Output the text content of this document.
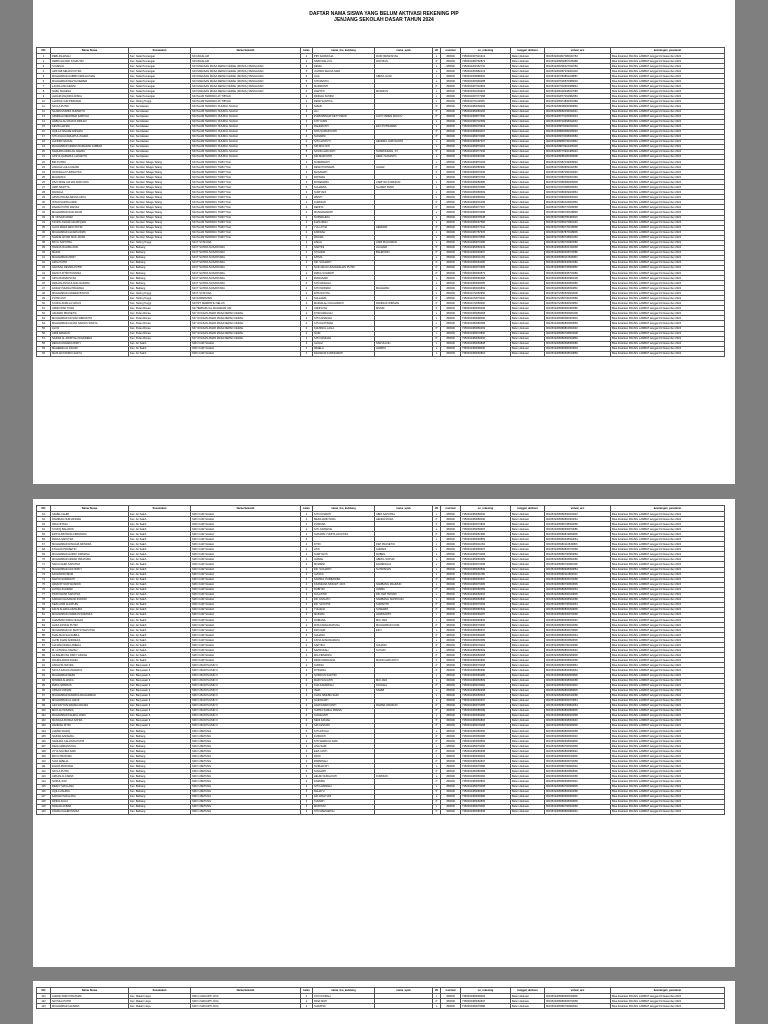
DAFTAR NAMA SISWA YANG BELUM AKTIVASI REKENING PIP
JENJANG SEKOLAH DASAR TAHUN 2024
NO	Nama Siswa	Kecamatan	Nama Sekolah	kelas	nama_ibu_kandung	nama_ayah	JK	nominal	no_rekening	tanggal_aktivasi	virtual_acc	keterangan_pencairan
1	PEBI ANJASAH	Kec. Selat Pemangan	SD ANGALAM	4	PIPI SARIDOHA	RUDI IRMANSYAH	L	450000	7350002367921613	Belum Aktivasi	9010519364847086044784	Bisa dicairkan PALING LAMBAT tanggal 31 Desember 2024
2	FEBRI ALFIANI SYAPUTRI	Kec. Selat Pemangan	SD ANGALAM	3	SAIBI WALUYA	WAYDIAN	P	450000	7350002389752873	Belum Aktivasi	9010519366802897188488	Bisa dicairkan PALING LAMBAT tanggal 31 Desember 2024
3	SYAMSUL	Kec. Selat Pemangan	SD KAWASAN MASA DEPAN CERAH (MUSOL) PENGAJIAN	3	DEWA		L	450000	7350002301962710	Belum Aktivasi	9010519361896427031560	Bisa dicairkan PALING LAMBAT tanggal 31 Desember 2024
4	ARSYAB SELVIA PUTRA	Kec. Selat Pemangan	SD KAWASAN MASA DEPAN CERAH (MUSOL) PENGAJIAN	5	JUWIDA SELVIA SARI		L	450000	7350002363982413	Belum Aktivasi	9010519364087319064404	Bisa dicairkan PALING LAMBAT tanggal 31 Desember 2024
5	MUHAMMAD HABIBI FIRDHAUSIAH	Kec. Selat Pemangan	SD KAWASAN MASA DEPAN CERAH (MUSOL) PENGAJIAN	5	ALIA	ABDUL GANI	L	450000	7350002368988602	Belum Aktivasi	9010519367084862018887	Bisa dicairkan PALING LAMBAT tanggal 31 Desember 2024
6	MUHAMMAD REVYA DEWER	Kec. Selat Pemangan	SD KAWASAN MASA DEPAN CERAH (MUSOL) PENGAJIAN	5	SITI RESTIA		L	450000	7350002360990088	Belum Aktivasi	9010519367036870989004	Bisa dicairkan PALING LAMBAT tanggal 31 Desember 2024
7	LAURA ANGGRAINI	Kec. Selat Pemangan	SD KAWASAN MASA DEPAN CERAH (MUSOL) PENGAJIAN	5	MARDIANTI		P	450000	7350002367032803	Belum Aktivasi	9010519367032803088843	Bisa dicairkan PALING LAMBAT tanggal 31 Desember 2024
8	NABIL MAHESA	Kec. Selat Pemangan	SD KAWASAN MASA DEPAN CERAH (MUSOL) PENGAJIAN	2	HARTATI	MASDIUN	L	450000	7350002361049903	Belum Aktivasi	9010519368100938017680	Bisa dicairkan PALING LAMBAT tanggal 31 Desember 2024
9	ALDAM MAQDIKA RISKA	Kec. Selat Pemangan	SD ISLAM TERPADU AT-TIBYAN	2	RINDAH SUMINI		L	450000	7350002367077068	Belum Aktivasi	9010519362877062082684	Bisa dicairkan PALING LAMBAT tanggal 31 Desember 2024
10	ALDRICH ADI PRATAMA	Kec. Tebing Tinggi	SD ISLAM TERPADU AT-TIBYAN	3	DEWI SANTIKA		L	450000	7350002371113905	Belum Aktivasi	9010519368374866060489	Bisa dicairkan PALING LAMBAT tanggal 31 Desember 2024
11	NAYLA PUTRI	Kec. Semitawan	SD ISLAM TERPADU NUURUL NAJAH	3	NIZAR		P	450000	7350002380000009	Belum Aktivasi	9010519368008060080860	Bisa dicairkan PALING LAMBAT tanggal 31 Desember 2024
12	NAJWA MUMINI NUMANTO	Kec. Semitawan	SD ISLAM TERPADU NUURUL NAJAH	3	LILI		P	450000	7350002380083160	Belum Aktivasi	9010519368082036032641	Bisa dicairkan PALING LAMBAT tanggal 31 Desember 2024
13	AZMIRAH MEIRISMA SABIYAH	Kec. Semitawan	SD ISLAM TERPADU NUURUL NAJAH	3	PURNAMSARI SETYOWATI	AHYO INDEN WAHYU	P	450000	7350002380877060	Belum Aktivasi	9010519368771006064043	Bisa dicairkan PALING LAMBAT tanggal 31 Desember 2024
14	HABIULLAH WIJAYA RIDLAN	Kec. Semitawan	SD ISLAM TERPADU NUURUL NAJAH	3	SITI YASIN		L	450000	7350002380702689	Belum Aktivasi	9010519368702668032043	Bisa dicairkan PALING LAMBAT tanggal 31 Desember 2024
15	KEVIN HAFIZA	Kec. Semitawan	SD ISLAM TERPADU NUURUL NAJAH	3	RAHMAYATI	EKO PUTRAWEK	L	450000	7350002380079602	Belum Aktivasi	9010519368870090030404	Bisa dicairkan PALING LAMBAT tanggal 31 Desember 2024
16	AQILLA ISNADE ANISAFA	Kec. Semitawan	SD ISLAM TERPADU NUURUL NAJAH	3	NITA SUMARYANTI		P	450000	7350002380893007	Belum Aktivasi	9010519368893086008040	Bisa dicairkan PALING LAMBAT tanggal 31 Desember 2024
17	SITI AULIA FARHATUL ZAHRA	Kec. Semitawan	SD ISLAM TERPADU NUURUL NAJAH	4	SUNARNI		P	450000	7350002380070086	Belum Aktivasi	9010519368070068000684	Bisa dicairkan PALING LAMBAT tanggal 31 Desember 2024
18	ALFINDI NAUFAL	Kec. Semitawan	SD ISLAM TERPADU NUURUL NAJAH	4	SITI HASTUTI	HENDRA JUMI SANTO	L	450000	7350002380087307	Belum Aktivasi	9010519368868736040842	Bisa dicairkan PALING LAMBAT tanggal 31 Desember 2024
19	MUHAMMAD ARMAN RAMADAN JABBAR	Kec. Semitawan	SD ISLAM TERPADU NUURUL NAJAH	5	SRI MULYATI		L	450000	7350002380879064	Belum Aktivasi	9010519368870964008403	Bisa dicairkan PALING LAMBAT tanggal 31 Desember 2024
20	NADHIRA ADZILAH NAHRA	Kec. Semitawan	SD ISLAM TERPADU NUURUL NAJAH	5	NOOR HARYANTI	NURROHMAN, ST	P	450000	7350002380077090	Belum Aktivasi	9010519368770900486043	Bisa dicairkan PALING LAMBAT tanggal 31 Desember 2024
21	AKSYA QAMARUL HASANTO	Kec. Semitawan	SD ISLAM TERPADU NUURUL NAJAH	5	SRI MARYANTI	HERU SUSANTO	L	450000	7350002380083180	Belum Aktivasi	9010519368088180006808	Bisa dicairkan PALING LAMBAT tanggal 31 Desember 2024
22	BRI PUTRA	Kec. Sumber Sibagu Telang	SD ISLAM TERPADU TILBIYYAH	3	NURMAWATI		L	450000	7350002380870409	Belum Aktivasi	9010519370387049008040	Bisa dicairkan PALING LAMBAT tanggal 31 Desember 2024
23	ANGGIA LAILA UMAMI	Kec. Sumber Sibagu Telang	SD ISLAM TERPADU TILBIYYAH	3	DEWI PURNAMA	JAHAR	P	450000	7350002380080990	Belum Aktivasi	9010519370380809042080	Bisa dicairkan PALING LAMBAT tanggal 31 Desember 2024
24	NATASHA AYUMISHYIFA	Kec. Sumber Sibagu Telang	SD ISLAM TERPADU TILBIYYAH	3	MASAMATI		P	450000	7350002380870066	Belum Aktivasi	9010519370387060040640	Bisa dicairkan PALING LAMBAT tanggal 31 Desember 2024
25	MAHADIKA	Kec. Sumber Sibagu Telang	SD ISLAM TERPADU TILBIYYAH	3	PATIMAH		L	450000	7350002380870784	Belum Aktivasi	9010519370380784000469	Bisa dicairkan PALING LAMBAT tanggal 31 Desember 2024
26	DIVO MIKE ALFIAN ANRIYANS	Kec. Sumber Sibagu Telang	SD ISLAM TERPADU TILBIYYAH	3	ROSEMARA	ANRIYAN KURNIASI	L	450000	7350002380080680	Belum Aktivasi	9010519370380680006809	Bisa dicairkan PALING LAMBAT tanggal 31 Desember 2024
27	ARIP NASITYA	Kec. Sumber Sibagu Telang	SD ISLAM TERPADU TILBIYYAH	3	SUHAENA	SLAMET RIADI	L	450000	7350002380070086	Belum Aktivasi	9010519370370086008060	Bisa dicairkan PALING LAMBAT tanggal 31 Desember 2024
28	RANGGA	Kec. Sumber Sibagu Telang	SD ISLAM TERPADU TILBIYYAH	3	SURIYANI		L	450000	7350002380080609	Belum Aktivasi	9010519370380609000864	Bisa dicairkan PALING LAMBAT tanggal 31 Desember 2024
29	ADVIA PRASA ARUNA ARYA	Kec. Sumber Sibagu Telang	SD ISLAM TERPADU TILBIYYAH	3	WENTI		L	450000	7350002380080066	Belum Aktivasi	9010519370380066008430	Bisa dicairkan PALING LAMBAT tanggal 31 Desember 2024
30	INTAN SAFIRA AMIR	Kec. Sumber Sibagu Telang	SD ISLAM TERPADU TILBIYYAH	2	KURNIATI		P	450000	7350002380016495	Belum Aktivasi	9010519370380164004860	Bisa dicairkan PALING LAMBAT tanggal 31 Desember 2024
31	ZAHRA PUTRI RAFIKA	Kec. Sumber Sibagu Telang	SD ISLAM TERPADU TILBIYYAH	2	RENITA		P	450000	7350002380077067	Belum Aktivasi	9010519370380770008068	Bisa dicairkan PALING LAMBAT tanggal 31 Desember 2024
32	MUHAMMAD NUR ADAM	Kec. Sumber Sibagu Telang	SD ISLAM TERPADU TILBIYYAH	2	MASDAMAWATI		L	450000	7350002380079068	Belum Aktivasi	9010519370380790648848	Bisa dicairkan PALING LAMBAT tanggal 31 Desember 2024
33	M. NOVAR ADAM	Kec. Sumber Sibagu Telang	SD ISLAM TERPADU TILBIYYAH	2	NURWAHIDA		L	450000	7350002380078048	Belum Aktivasi	9010519370380780480016	Bisa dicairkan PALING LAMBAT tanggal 31 Desember 2024
34	TAUFIK ASHAR AR-RIFQIAH	Kec. Sumber Sibagu Telang	SD ISLAM TERPADU TILBIYYAH	2	KHOLIMAH		L	450000	7350002380007686	Belum Aktivasi	9010519370380076864040	Bisa dicairkan PALING LAMBAT tanggal 31 Desember 2024
35	ALIYA MARA DEVI PUTRI	Kec. Sumber Sibagu Telang	SD ISLAM TERPADU TILBIYYAH	2	YULI AYNA	HERMAN	P	450000	7350002380077016	Belum Aktivasi	9010519370380770168068	Bisa dicairkan PALING LAMBAT tanggal 31 Desember 2024
36	MUHAMMAD ALFARIA RIZKI	Kec. Sumber Sibagu Telang	SD ISLAM TERPADU TILBIYYAH	2	FARIDAH		L	450000	7350002380787605	Belum Aktivasi	9010519370387876048806	Bisa dicairkan PALING LAMBAT tanggal 31 Desember 2024
37	SHAFIE AFTAR MAS JAYAN	Kec. Sumber Sibagu Telang	SD ISLAM TERPADU TILBIYYAH	2	PAHIRA		L	450000	7350002380070890	Belum Aktivasi	9010519370380708900460	Bisa dicairkan PALING LAMBAT tanggal 31 Desember 2024
38	BAYU SAPUTRA	Kec. Tebing Tinggi	SD IT SYAFUNA	2	ASIAH	ANDI MULIAWAN	L	450000	7350002380070086	Belum Aktivasi	9010519372380700860680	Bisa dicairkan PALING LAMBAT tanggal 31 Desember 2024
39	NADIAS RAHMA ZAIN	Kec. Belitang	SD IT SATRIA NUSANTARA	2	SARTINI	JAUHARI	P	450000	7350002380050643	Belum Aktivasi	9010519368380506430068	Bisa dicairkan PALING LAMBAT tanggal 31 Desember 2024
40	MADIA	Kec. Belitang	SD IT SATRIA NUSANTARA	2	SYAHRIA	BAHRUDIN	P	450000	7350002380060897	Belum Aktivasi	9010519368380608970086	Bisa dicairkan PALING LAMBAT tanggal 31 Desember 2024
41	MUHAMMAD ZIKRY	Kec. Belitang	SD IT SATRIA NUSANTARA	2	FATMA		L	450000	7350002380011069	Belum Aktivasi	9010519368380110690863	Bisa dicairkan PALING LAMBAT tanggal 31 Desember 2024
42	AZKA PUTRI	Kec. Belitang	SD IT SATRIA NUSANTARA	2	DR. SUGIARTI		P	450000	7350002380063080	Belum Aktivasi	9010519368380630800680	Bisa dicairkan PALING LAMBAT tanggal 31 Desember 2024
43	NAFISAH DEVIRA PUTRI	Kec. Belitang	SD IT SATRIA NUSANTARA	2	NUR AZIAH HUMAIDAHAN PUTRI		P	450000	7350002380079689	Belum Aktivasi	9010519368380796890866	Bisa dicairkan PALING LAMBAT tanggal 31 Desember 2024
44	RAISYA FITROTUNNISA	Kec. Belitang	SD IT SATRIA NUSANTARA	2	RIZKA SUHRIATI		P	450000	7350002380060879	Belum Aktivasi	9010519368380608790089	Bisa dicairkan PALING LAMBAT tanggal 31 Desember 2024
45	ARYA RADIANSYAH	Kec. Belitang	SD IT SATRIA NUSANTARA	2	RIANASARI		L	450000	7350002380080698	Belum Aktivasi	9010519368380806980008	Bisa dicairkan PALING LAMBAT tanggal 31 Desember 2024
46	RIDHAN ANSAULANG NAZARA	Kec. Belitang	SD IT SATRIA NUSANTARA	2	SITI MASLIHA		L	450000	7350002380069085	Belum Aktivasi	9010519368380690850680	Bisa dicairkan PALING LAMBAT tanggal 31 Desember 2024
47	FAIFAZ ISKANA PRADANA	Kec. Belitang	SD IT SATRIA NUSANTARA	2	SITI INDRIANI	MUHAMAD	L	450000	7350002380006809	Belum Aktivasi	9010519368380068090860	Bisa dicairkan PALING LAMBAT tanggal 31 Desember 2024
48	MUHAMMAD ALMEER BINOVA	Kec. Tebing Tinggi	SD IT SYAFUNA	2	RITA NOVITA		L	450000	7350002372060950	Belum Aktivasi	9010519372380609500608	Bisa dicairkan PALING LAMBAT tanggal 31 Desember 2024
49	PUTRI ASIY	Kec. Tebing Tinggi	SD NORMINISIN	2	SULAHMA		P	450000	7350002372079026	Belum Aktivasi	9010519372380790260089	Bisa dicairkan PALING LAMBAT tanggal 31 Desember 2024
50	SYAFIA AFRILLA NASYA	Kec. Tebing Tinggi	SD PPT MEMPATIH SELATI	2	MARHILAH SULAHMANY	DANIRAS WINMAN	P	450000	7350002372069060	Belum Aktivasi	9010519372380690600860	Bisa dicairkan PALING LAMBAT tanggal 31 Desember 2024
51	ARDIZ RIMI TIVAH	Kec. Pulau Rimau	SD TERPADU AL MUHARAM ILM	2	ANNISYAH	MUNIR	P	450000	7350002380059008	Belum Aktivasi	9010519368380590080689	Bisa dicairkan PALING LAMBAT tanggal 31 Desember 2024
52	AKHMAD PRASETIA	Kec. Pulau Rimau	SD YAYASAN AMAR MASA DEPAN CERAH	2	FITRI AWALIAH		L	450000	7350002380059068	Belum Aktivasi	9010519368380590680408	Bisa dicairkan PALING LAMBAT tanggal 31 Desember 2024
53	MUHAMMAD FATHAN ABRIANTO	Kec. Pulau Rimau	SD YAYASAN AMAR MASA DEPAN CERAH	2	SITI HASANAH		L	450000	7350002380068090	Belum Aktivasi	9010519368380680900804	Bisa dicairkan PALING LAMBAT tanggal 31 Desember 2024
54	MUHAMMAD ALFIAN SANGIS SINAYA	Kec. Pulau Rimau	SD YAYASAN AMAR MASA DEPAN CERAH	2	SITI KHOTIMAH		L	450000	7350002380080089	Belum Aktivasi	9010519368380800890869	Bisa dicairkan PALING LAMBAT tanggal 31 Desember 2024
55	ALIYA	Kec. Pulau Rimau	SD YAYASAN AMAR MASA DEPAN CERAH	2	KHUSNUL LAILA		P	450000	7350002380080469	Belum Aktivasi	9010519368380804690640	Bisa dicairkan PALING LAMBAT tanggal 31 Desember 2024
56	ARDI ARMAAN	Kec. Pulau Rimau	SD YAYASAN AMAR MASA DEPAN CERAH	2	NURI		L	450000	7350002380070890	Belum Aktivasi	9010519368380708900608	Bisa dicairkan PALING LAMBAT tanggal 31 Desember 2024
57	NAZWA AL-FIKRIYAH NAVADERA	Kec. Pulau Rimau	SD YAYASAN AMAR MASA DEPAN CERAH	2	SITI NASIHAH		P	450000	7350002380069060	Belum Aktivasi	9010519368380690600860	Bisa dicairkan PALING LAMBAT tanggal 31 Desember 2024
58	REFAN ANNADIA RIZKY	Kec. Air Saleh	SDN 3 AIR SALEH	3	ALUAH	SAIFULLOH	L	450000	7350002380069808	Belum Aktivasi	9010519368380698080680	Bisa dicairkan PALING LAMBAT tanggal 31 Desember 2024
59	MAHEERA AL FIKHRI	Kec. Air Saleh	SDN 3 AIR SALEH	4	IWAELA	HARRIS	L	450000	7350002380068090	Belum Aktivasi	9010519368380680900804	Bisa dicairkan PALING LAMBAT tanggal 31 Desember 2024
60	MAIS ADJI RIZKA SAKYA	Kec. Air Saleh	SDN 3 AIR SALEH	4	RAGWANI KURNIAWATI		L	450000	7350002380060864	Belum Aktivasi	9010519368380608640869	Bisa dicairkan PALING LAMBAT tanggal 31 Desember 2024
NO	Nama Siswa	Kecamatan	Nama Sekolah	kelas	nama_ibu_kandung	nama_ayah	JK	nominal	no_rekening	tanggal_aktivasi	virtual_acc	keterangan_pencairan
61	SAMEL FAHRI	Kec. Air Saleh	SDN 3 AIR SALEH	4	SITI KUSWATI	ABDI SAPUTRA	L	450000	7350002380069060	Belum Aktivasi	9010519368380690600640	Bisa dicairkan PALING LAMBAT tanggal 31 Desember 2024
62	DAMIRAH NURJAFRIAH	Kec. Air Saleh	SDN 3 AIR SALEH	4	MEDA AMIN NING	HENDA MUDA	P	450000	7350002380080090	Belum Aktivasi	9010519368380800900064	Bisa dicairkan PALING LAMBAT tanggal 31 Desember 2024
63	RIKA NITASA	Kec. Air Saleh	SDN 3 AIR SALEH	4	PUSKINA		P	450000	7350002380070809	Belum Aktivasi	9010519368380708090068	Bisa dicairkan PALING LAMBAT tanggal 31 Desember 2024
64	SYAFIQ BAHADIN	Kec. Air Saleh	SDN 3 AIR SALEH	4	SITI JUMAROH		L	450000	7350002380059087	Belum Aktivasi	9010519368380590870686	Bisa dicairkan PALING LAMBAT tanggal 31 Desember 2024
65	ERSYA BINTANG FIRMANDA	Kec. Air Saleh	SDN 3 AIR SALEH	4	SUKARSI YUNITA HAYATIKA		P	450000	7350002380081986	Belum Aktivasi	9010519368380819860806	Bisa dicairkan PALING LAMBAT tanggal 31 Desember 2024
66	RAFAA SAPUTRA	Kec. Air Saleh	SDN 3 AIR SALEH	4			L	450000	7350002380060869	Belum Aktivasi	9010519368380608690064	Bisa dicairkan PALING LAMBAT tanggal 31 Desember 2024
67	MUHAMMAD DINGGIZ ARINDRA	Kec. Air Saleh	SDN 3 AIR SALEH	4	FITRI	DWI PRASETIO	L	450000	7350002380011084	Belum Aktivasi	9010519368380110840806	Bisa dicairkan PALING LAMBAT tanggal 31 Desember 2024
68	KOLHAN PRASETIO	Kec. Air Saleh	SDN 3 AIR SALEH	4	ASTI	AHMANI	L	450000	7350002380080607	Belum Aktivasi	9010519368380806070068	Bisa dicairkan PALING LAMBAT tanggal 31 Desember 2024
69	MUHAMMAD HARDY FIRMANA	Kec. Air Saleh	SDN 3 AIR SALEH	4	SURIYANTI	RUBEN	L	450000	7350002380079068	Belum Aktivasi	9010519368380790680869	Bisa dicairkan PALING LAMBAT tanggal 31 Desember 2024
70	MUHAMMAD ARDAN PRIATAMA	Kec. Air Saleh	SDN 3 AIR SALEH	4	JARIAH	ABDUL SOPUR	L	450000	7350002380060689	Belum Aktivasi	9010519368380606890086	Bisa dicairkan PALING LAMBAT tanggal 31 Desember 2024
71	SAKA FAHRI SAPUTRA	Kec. Air Saleh	SDN 3 AIR SALEH	4	MUWENI	DAMENGGA	L	450000	7350002380079068	Belum Aktivasi	9010519368380790680406	Bisa dicairkan PALING LAMBAT tanggal 31 Desember 2024
72	MUHAMMAD ALIF RIZKY	Kec. Air Saleh	SDN 3 AIR SALEH	4	DR. SUGIARTI	SUTRISNAN	L	450000	7350002380060809	Belum Aktivasi	9010519368380608090864	Bisa dicairkan PALING LAMBAT tanggal 31 Desember 2024
73	FAUZANIRI IMAM	Kec. Air Saleh	SDN 3 AIR SALEH	4	ALTAKA		L	450000	7350002380011086	Belum Aktivasi	9010519368380110860640	Bisa dicairkan PALING LAMBAT tanggal 31 Desember 2024
74	NADYA SURMANTI	Kec. Air Saleh	SDN 3 AIR SALEH	4	SAMSUL PURBANIBA		P	450000	7350002380060697	Belum Aktivasi	9010519368380606970068	Bisa dicairkan PALING LAMBAT tanggal 31 Desember 2024
75	HIDAYAT NUR WASIDIN	Kec. Air Saleh	SDN 3 AIR SALEH	4	KASMIANA NINGSIT JAYA	SAMBANG MAHMUD	L	450000	7350002380079086	Belum Aktivasi	9010519368380790860806	Bisa dicairkan PALING LAMBAT tanggal 31 Desember 2024
76	AHYDA ZAHRANI	Kec. Air Saleh	SDN 3 AIR SALEH	4	RUBIYAT	JUMBA	P	450000	7350002380080089	Belum Aktivasi	9010519368380800890064	Bisa dicairkan PALING LAMBAT tanggal 31 Desember 2024
77	FIKRI DEVID SAPUTRA	Kec. Air Saleh	SDN 3 AIR SALEH	4	SULASTRI	DR. DWI TRISNO	L	450000	7350002380069064	Belum Aktivasi	9010519368380690640806	Bisa dicairkan PALING LAMBAT tanggal 31 Desember 2024
78	FARHAN HASANUR ZUFIKRI	Kec. Air Saleh	SDN 3 AIR SALEH	4	DR. FAZLATU	SAMBANG SUPRIYADI	L	450000	7350002380060890	Belum Aktivasi	9010519368380608900068	Bisa dicairkan PALING LAMBAT tanggal 31 Desember 2024
79	KEZA ANIS ALFATHIN	Kec. Air Saleh	SDN 3 AIR SALEH	4	DR. SATUTMI	SUMANTO	P	450000	7350002380079069	Belum Aktivasi	9010519368380790690064	Bisa dicairkan PALING LAMBAT tanggal 31 Desember 2024
80	FALIS ALAZKA AZZAHRA	Kec. Air Saleh	SDN 3 AIR SALEH	4	YULIANA	SUWARDI	P	450000	7350002380080609	Belum Aktivasi	9010519368380806090806	Bisa dicairkan PALING LAMBAT tanggal 31 Desember 2024
81	MUHAMMAD ANDRIAN WIRASKA	Kec. Air Saleh	SDN 3 AIR SALEH	4	MARIAM	HARDIANTO	L	450000	7350002380069087	Belum Aktivasi	9010519368380690870068	Bisa dicairkan PALING LAMBAT tanggal 31 Desember 2024
82	KHAZIMAN PADA NUGAH	Kec. Air Saleh	SDN 3 AIR SALEH	4	RUBIANA	MUI JADI	L	450000	7350002380060806	Belum Aktivasi	9010519368380608060640	Bisa dicairkan PALING LAMBAT tanggal 31 Desember 2024
83	ALIKA ZASKIA PUTRI	Kec. Air Saleh	SDN 3 AIR SALEH	4	RITA FADHLIDATUNA	MUHAMMAD KOIRI	P	450000	7350002380079060	Belum Aktivasi	9010519368380790600068	Bisa dicairkan PALING LAMBAT tanggal 31 Desember 2024
84	MUHAMMAD ALI ZEIN SYAHPUTRA	Kec. Air Saleh	SDN 3 AIR SALEH	4	DR FIQRI	EKO	L	450000	7350002380080697	Belum Aktivasi	9010519368380806970806	Bisa dicairkan PALING LAMBAT tanggal 31 Desember 2024
85	KHALISAH SALSABILA	Kec. Air Saleh	SDN 3 AIR SALEH	4	SUHANA		P	450000	7350002380069080	Belum Aktivasi	9010519368380690800064	Bisa dicairkan PALING LAMBAT tanggal 31 Desember 2024
86	ALVIN KHAN ANDREAS	Kec. Air Saleh	SDN 3 AIR SALEH	4	KATIA ANSANGRIANI		L	450000	7350002380060689	Belum Aktivasi	9010519368380606890806	Bisa dicairkan PALING LAMBAT tanggal 31 Desember 2024
87	ALFIANA RIZKA AMELIA	Kec. Air Saleh	SDN 3 AIR SALEH	4	SAPTIKA	SUHAIDI	P	450000	7350002380079064	Belum Aktivasi	9010519368380790640068	Bisa dicairkan PALING LAMBAT tanggal 31 Desember 2024
88	M. LATHIFUL FAIZAH	Kec. Air Saleh	SDN 3 AIR SALEH	4	SAPRUDAH	SUYADI	L	450000	7350002380080609	Belum Aktivasi	9010519368380806090640	Bisa dicairkan PALING LAMBAT tanggal 31 Desember 2024
89	AL-BAHRIYAH RISFY AFIZAH	Kec. Air Saleh	SDN 3 AIR SALEH	4	MIA FIRMANSI		P	450000	7350002380069068	Belum Aktivasi	9010519368380690680806	Bisa dicairkan PALING LAMBAT tanggal 31 Desember 2024
90	NAURA ADRIA DANIA	Kec. Air Saleh	SDN 3 AIR SALEH	4	DEWI MARDIANA	MAJID HARYANTO	P	450000	7350002380060890	Belum Aktivasi	9010519368380608900068	Bisa dicairkan PALING LAMBAT tanggal 31 Desember 2024
91	ANGGITA INAYRA	Kec. Banyuasin II	SDN 1 BANYUASIN II	2	SURNIA		P	450000	7350002380079068	Belum Aktivasi	9010519368380790680864	Bisa dicairkan PALING LAMBAT tanggal 31 Desember 2024
92	NAYLA AZALIA ZAKHRYA	Kec. Banyuasin II	SDN 1 BANYUASIN II	2	FITRIANA		P	450000	7350002380080690	Belum Aktivasi	9010519368380806900064	Bisa dicairkan PALING LAMBAT tanggal 31 Desember 2024
93	MUHAMMAD REPA	Kec. Banyuasin II	SDN 1 BANYUASIN II	2	NURIKUN SAFITRI		L	450000	7350002380069086	Belum Aktivasi	9010519368380690860806	Bisa dicairkan PALING LAMBAT tanggal 31 Desember 2024
94	MINDRA ALIANKA	Kec. Banyuasin II	SDN 1 BANYUASIN II	2	MARI SULIANTI	MUI JADI	L	450000	7350002380060809	Belum Aktivasi	9010519368380608090068	Bisa dicairkan PALING LAMBAT tanggal 31 Desember 2024
95	RIZKA SPINDAS	Kec. Banyuasin II	SDN 1 BANYUASIN II	2	KHA KAMARIAH	SYAHALL	P	450000	7350002380079060	Belum Aktivasi	9010519368380790600640	Bisa dicairkan PALING LAMBAT tanggal 31 Desember 2024
96	ARSAH FIZNAM	Kec. Banyuasin II	SDN 1 BANYUASIN II	2	ISMA	SAMRI	L	450000	7350002380080698	Belum Aktivasi	9010519368380806980806	Bisa dicairkan PALING LAMBAT tanggal 31 Desember 2024
97	MUHAMMAD DWARKA MUHAMMAD	Kec. Banyuasin II	SDN 1 BANYUASIN II	2	KHAS NIMUBA SARI		L	450000	7350002380069064	Belum Aktivasi	9010519368380690640068	Bisa dicairkan PALING LAMBAT tanggal 31 Desember 2024
98	MUHAMMAD AL HAFIZ	Kec. Banyuasin II	SDN 1 BANYUASIN II	2	NURJANATI		L	450000	7350002380060697	Belum Aktivasi	9010519368380606970864	Bisa dicairkan PALING LAMBAT tanggal 31 Desember 2024
99	AZA RAYYAN RAHMA ADANIA	Kec. Banyuasin II	SDN 1 BANYUASIN II	2	HAMI FARDIYANTI	DAMAR ZAMZANI	P	450000	7350002380079086	Belum Aktivasi	9010519368380790860064	Bisa dicairkan PALING LAMBAT tanggal 31 Desember 2024
100	MAYLAH NISANIA	Kec. Banyuasin II	SDN 1 BANYUASIN II	2	SUPRA SAMAL FRENS		P	450000	7350002380080089	Belum Aktivasi	9010519368380800890806	Bisa dicairkan PALING LAMBAT tanggal 31 Desember 2024
101	MUHAMMAD FAHRUL RIZKI	Kec. Banyuasin II	SDN 1 BANYUASIN II	2	SUGIHANTI		L	450000	7350002380069060	Belum Aktivasi	9010519368380690600068	Bisa dicairkan PALING LAMBAT tanggal 31 Desember 2024
102	MANGGA BUNGA SATRA	Kec. Banyuasin II	SDN 1 BANYUASIN II	2	NENI ZAKIAH		P	450000	7350002380060806	Belum Aktivasi	9010519368380608060640	Bisa dicairkan PALING LAMBAT tanggal 31 Desember 2024
103	HANIFAH FITRI	Kec. Banyuasin II	SDN 1 BANYUASIN II	2	SRI LESTARI		P	450000	7350002380079068	Belum Aktivasi	9010519368380790680806	Bisa dicairkan PALING LAMBAT tanggal 31 Desember 2024
104	AHMAD RAFIQ	Kec. Belitang	SDN 1 BETUNG	3	SITI AISYAH		L	450000	7350002380080690	Belum Aktivasi	9010519368380806900068	Bisa dicairkan PALING LAMBAT tanggal 31 Desember 2024
105	NAZWA AZZAHRA	Kec. Belitang	SDN 1 BETUNG	3	KUSNIATI		P	450000	7350002380069086	Belum Aktivasi	9010519368380690860640	Bisa dicairkan PALING LAMBAT tanggal 31 Desember 2024
106	NADHIFA CALLISTA PUTRI	Kec. Belitang	SDN 1 BETUNG	3	SITI WARDAH SARI		P	450000	7350002380060809	Belum Aktivasi	9010519368380608090806	Bisa dicairkan PALING LAMBAT tanggal 31 Desember 2024
107	RAFA ARDIANSYAH	Kec. Belitang	SDN 1 BETUNG	3	LINA SARI		L	450000	7350002380079060	Belum Aktivasi	9010519368380790600068	Bisa dicairkan PALING LAMBAT tanggal 31 Desember 2024
108	AYYA NOVIRA SARI	Kec. Belitang	SDN 1 BETUNG	3	ERA YANTI		P	450000	7350002380080698	Belum Aktivasi	9010519368380806980640	Bisa dicairkan PALING LAMBAT tanggal 31 Desember 2024
109	BAYU PRATAMA	Kec. Belitang	SDN 1 BETUNG	3	PAINI		L	450000	7350002380069064	Belum Aktivasi	9010519368380690640806	Bisa dicairkan PALING LAMBAT tanggal 31 Desember 2024
110	SUCI AMELIA	Kec. Belitang	SDN 1 BETUNG	3	PARMINAH		P	450000	7350002380060697	Belum Aktivasi	9010519368380606970068	Bisa dicairkan PALING LAMBAT tanggal 31 Desember 2024
111	DAFFA PRATAMA	Kec. Belitang	SDN 1 BETUNG	3	NURHAYATI		L	450000	7350002380079086	Belum Aktivasi	9010519368380790860640	Bisa dicairkan PALING LAMBAT tanggal 31 Desember 2024
112	NAYLA PUTRI	Kec. Belitang	SDN 1 BETUNG	3	SUGIARTI		P	450000	7350002380080089	Belum Aktivasi	9010519368380800890806	Bisa dicairkan PALING LAMBAT tanggal 31 Desember 2024
113	ARKAN AL FARIZI	Kec. Belitang	SDN 1 BETUNG	3	HELMI NURHAYATI	KURNIAN	L	450000	7350002380069060	Belum Aktivasi	9010519368380690600068	Bisa dicairkan PALING LAMBAT tanggal 31 Desember 2024
114	NURUL AINI	Kec. Belitang	SDN 1 BETUNG	3	DARMINI		P	450000	7350002380060806	Belum Aktivasi	9010519368380608060640	Bisa dicairkan PALING LAMBAT tanggal 31 Desember 2024
115	REZKY MAULANA	Kec. Belitang	SDN 1 BETUNG	3	SITI HAMIDAH		L	450000	7350002380079068	Belum Aktivasi	9010519368380790680806	Bisa dicairkan PALING LAMBAT tanggal 31 Desember 2024
116	AQILA ZAHIRA	Kec. Belitang	SDN 1 BETUNG	3	RAHAYU		P	450000	7350002380080690	Belum Aktivasi	9010519368380806900068	Bisa dicairkan PALING LAMBAT tanggal 31 Desember 2024
117	FARHAN MAULANA	Kec. Belitang	SDN 1 BETUNG	3	SRI WAHYUNI		L	450000	7350002380069086	Belum Aktivasi	9010519368380690860640	Bisa dicairkan PALING LAMBAT tanggal 31 Desember 2024
118	DINDA AULIA	Kec. Belitang	SDN 1 BETUNG	3	SUMIATI		P	450000	7350002380060809	Belum Aktivasi	9010519368380608090806	Bisa dicairkan PALING LAMBAT tanggal 31 Desember 2024
119	RAIHAN AKBAR	Kec. Belitang	SDN 1 BETUNG	3	MARYANI		L	450000	7350002380079060	Belum Aktivasi	9010519368380790600068	Bisa dicairkan PALING LAMBAT tanggal 31 Desember 2024
120	ZAHRA KHAIRUNNISA	Kec. Belitang	SDN 1 BETUNG	3	SITI MAESAROH		P	450000	7350002380080698	Belum Aktivasi	9010519368380806980640	Bisa dicairkan PALING LAMBAT tanggal 31 Desember 2024
NO	Nama Siswa	Kecamatan	Nama Sekolah	kelas	nama_ibu_kandung	nama_ayah	JK	nominal	no_rekening	tanggal_aktivasi	virtual_acc	keterangan_pencairan
121	AHMAD RIZKI PRATAMA	Kec. Makarti Jaya	SDN 1 MAKARTI JAYA	2	SITI FATIMAH		L	450000	7350002380069064	Belum Aktivasi	9010519368380690640806	Bisa dicairkan PALING LAMBAT tanggal 31 Desember 2024
122	NAYSILA PUTRI	Kec. Makarti Jaya	SDN 1 MAKARTI JAYA	2	RINA WATI		P	450000	7350002380060697	Belum Aktivasi	9010519368380606970068	Bisa dicairkan PALING LAMBAT tanggal 31 Desember 2024
123	MUHAMMAD ALFARIZI	Kec. Makarti Jaya	SDN 1 MAKARTI JAYA	2	SURATMI		L	450000	7350002380079086	Belum Aktivasi	9010519368380790860640	Bisa dicairkan PALING LAMBAT tanggal 31 Desember 2024
